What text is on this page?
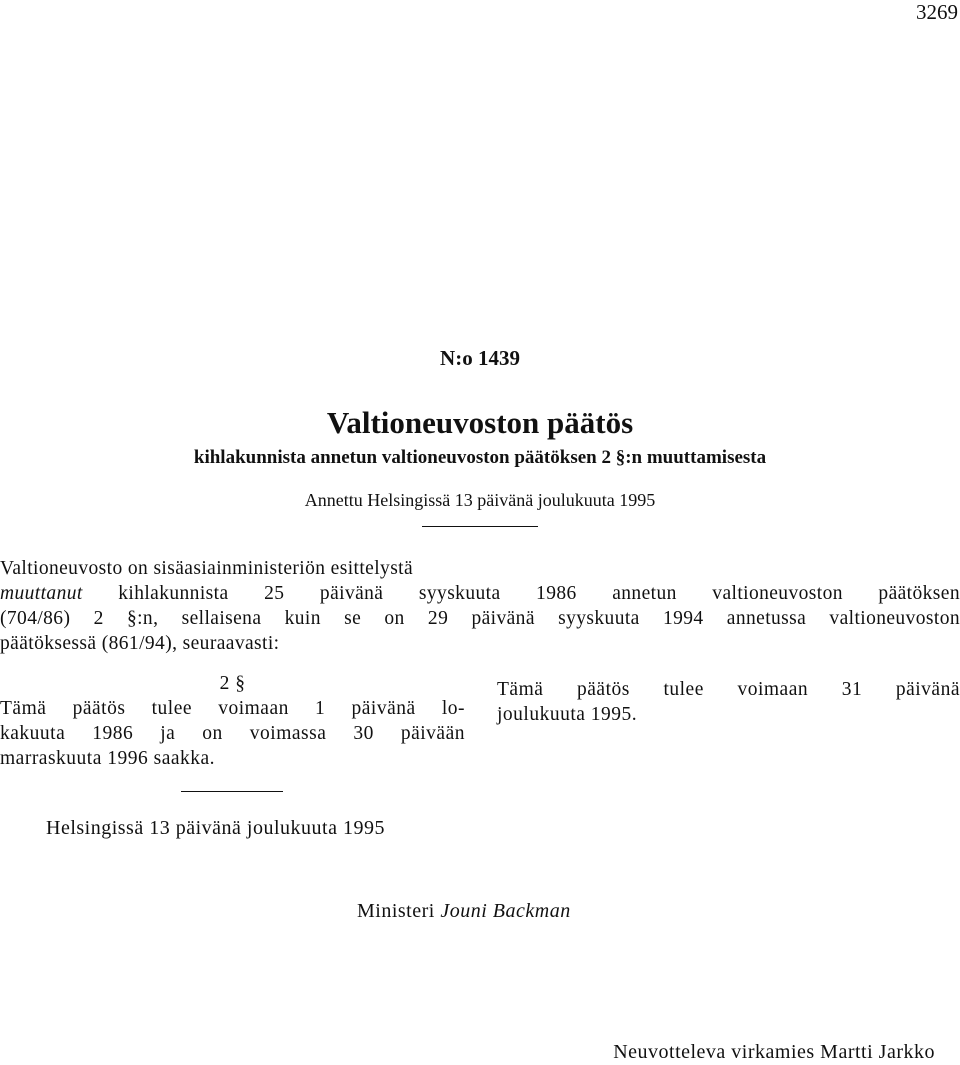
3269
N:o 1439
Valtioneuvoston päätös
kihlakunnista annetun valtioneuvoston päätöksen 2 §:n muuttamisesta
Annettu Helsingissä 13 päivänä joulukuuta 1995
Valtioneuvosto on sisäasiainministeriön esittelystä
muuttanut kihlakunnista 25 päivänä syyskuuta 1986 annetun valtioneuvoston päätöksen
(704/86) 2 §:n, sellaisena kuin se on 29 päivänä syyskuuta 1994 annetussa valtioneuvoston
päätöksessä (861/94), seuraavasti:
2 §
Tämä päätös tulee voimaan 1 päivänä lo-
kakuuta 1986 ja on voimassa 30 päivään
marraskuuta 1996 saakka.
Tämä päätös tulee voimaan 31 päivänä
joulukuuta 1995.
Helsingissä 13 päivänä joulukuuta 1995
Ministeri Jouni Backman
Neuvotteleva virkamies Martti Jarkko
